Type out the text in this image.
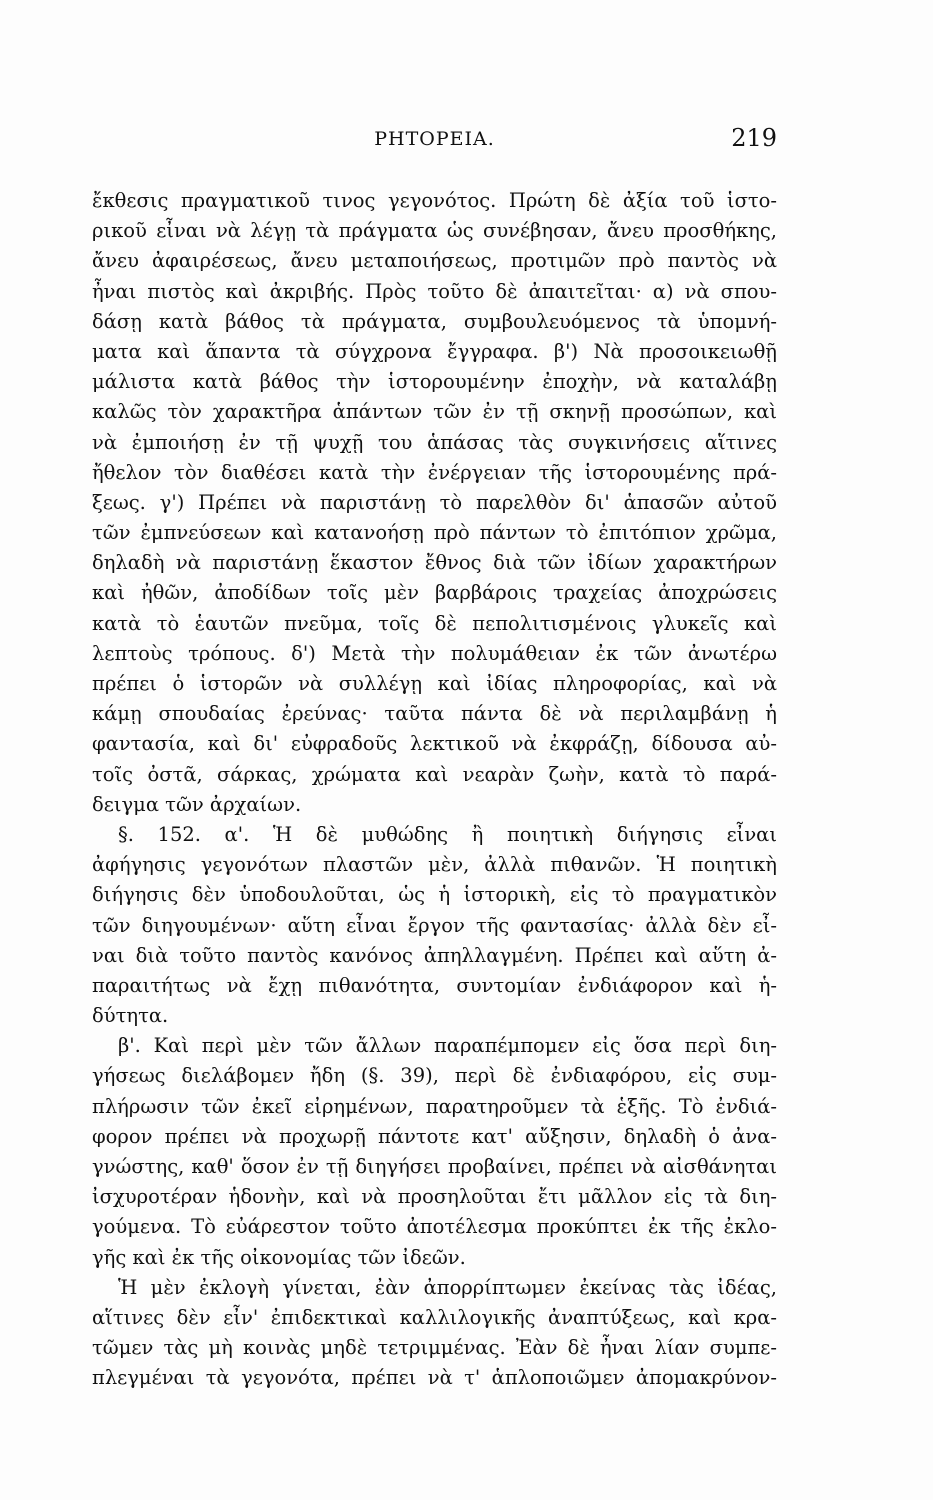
ΡΗΤΟΡΕΙΑ.	219
ἔκθεσις πραγματικοῦ τινος γεγονότος. Πρώτη δὲ ἀξία τοῦ ἱστο-
ρικοῦ εἶναι νὰ λέγῃ τὰ πράγματα ὡς συνέβησαν, ἄνευ προσθήκης,
ἄνευ ἀφαιρέσεως, ἄνευ μεταποιήσεως, προτιμῶν πρὸ παντὸς νὰ
ἦναι πιστὸς καὶ ἀκριβής. Πρὸς τοῦτο δὲ ἀπαιτεῖται· α) νὰ σπου-
δάσῃ κατὰ βάθος τὰ πράγματα, συμβουλευόμενος τὰ ὑπομνή-
ματα καὶ ἅπαντα τὰ σύγχρονα ἔγγραφα. β') Νὰ προσοικειωθῇ
μάλιστα κατὰ βάθος τὴν ἱστορουμένην ἐποχὴν, νὰ καταλάβῃ
καλῶς τὸν χαρακτῆρα ἁπάντων τῶν ἐν τῇ σκηνῇ προσώπων, καὶ
νὰ ἐμποιήσῃ ἐν τῇ ψυχῇ του ἁπάσας τὰς συγκινήσεις αἵτινες
ἤθελον τὸν διαθέσει κατὰ τὴν ἐνέργειαν τῆς ἱστορουμένης πρά-
ξεως. γ') Πρέπει νὰ παριστάνῃ τὸ παρελθὸν δι' ἁπασῶν αὐτοῦ
τῶν ἐμπνεύσεων καὶ κατανοήσῃ πρὸ πάντων τὸ ἐπιτόπιον χρῶμα,
δηλαδὴ νὰ παριστάνῃ ἕκαστον ἔθνος διὰ τῶν ἰδίων χαρακτήρων
καὶ ἠθῶν, ἀποδίδων τοῖς μὲν βαρβάροις τραχείας ἀποχρώσεις
κατὰ τὸ ἑαυτῶν πνεῦμα, τοῖς δὲ πεπολιτισμένοις γλυκεῖς καὶ
λεπτοὺς τρόπους. δ') Μετὰ τὴν πολυμάθειαν ἐκ τῶν ἀνωτέρω
πρέπει ὁ ἱστορῶν νὰ συλλέγῃ καὶ ἰδίας πληροφορίας, καὶ νὰ
κάμῃ σπουδαίας ἐρεύνας· ταῦτα πάντα δὲ νὰ περιλαμβάνῃ ἡ
φαντασία, καὶ δι' εὐφραδοῦς λεκτικοῦ νὰ ἐκφράζῃ, δίδουσα αὐ-
τοῖς ὀστᾶ, σάρκας, χρώματα καὶ νεαρὰν ζωὴν, κατὰ τὸ παρά-
δειγμα τῶν ἀρχαίων.
§. 152. α'. Ἡ δὲ μυθώδης ἢ ποιητικὴ διήγησις εἶναι
ἀφήγησις γεγονότων πλαστῶν μὲν, ἀλλὰ πιθανῶν. Ἡ ποιητικὴ
διήγησις δὲν ὑποδουλοῦται, ὡς ἡ ἱστορικὴ, εἰς τὸ πραγματικὸν
τῶν διηγουμένων· αὕτη εἶναι ἔργον τῆς φαντασίας· ἀλλὰ δὲν εἶ-
ναι διὰ τοῦτο παντὸς κανόνος ἀπηλλαγμένη. Πρέπει καὶ αὕτη ἀ-
παραιτήτως νὰ ἔχῃ πιθανότητα, συντομίαν ἐνδιάφορον καὶ ἡ-
δύτητα.
β'. Καὶ περὶ μὲν τῶν ἄλλων παραπέμπομεν εἰς ὅσα περὶ διη-
γήσεως διελάβομεν ἤδη (§. 39), περὶ δὲ ἐνδιαφόρου, εἰς συμ-
πλήρωσιν τῶν ἐκεῖ εἰρημένων, παρατηροῦμεν τὰ ἑξῆς. Τὸ ἐνδιά-
φορον πρέπει νὰ προχωρῇ πάντοτε κατ' αὔξησιν, δηλαδὴ ὁ ἀνα-
γνώστης, καθ' ὅσον ἐν τῇ διηγήσει προβαίνει, πρέπει νὰ αἰσθάνηται
ἰσχυροτέραν ἡδονὴν, καὶ νὰ προσηλοῦται ἔτι μᾶλλον εἰς τὰ διη-
γούμενα. Τὸ εὐάρεστον τοῦτο ἀποτέλεσμα προκύπτει ἐκ τῆς ἐκλο-
γῆς καὶ ἐκ τῆς οἰκονομίας τῶν ἰδεῶν.
Ἡ μὲν ἐκλογὴ γίνεται, ἐὰν ἀπορρίπτωμεν ἐκείνας τὰς ἰδέας,
αἵτινες δὲν εἶν' ἐπιδεκτικαὶ καλλιλογικῆς ἀναπτύξεως, καὶ κρα-
τῶμεν τὰς μὴ κοινὰς μηδὲ τετριμμένας. Ἐὰν δὲ ἦναι λίαν συμπε-
πλεγμέναι τὰ γεγονότα, πρέπει νὰ τ' ἁπλοποιῶμεν ἀπομακρύνον-
